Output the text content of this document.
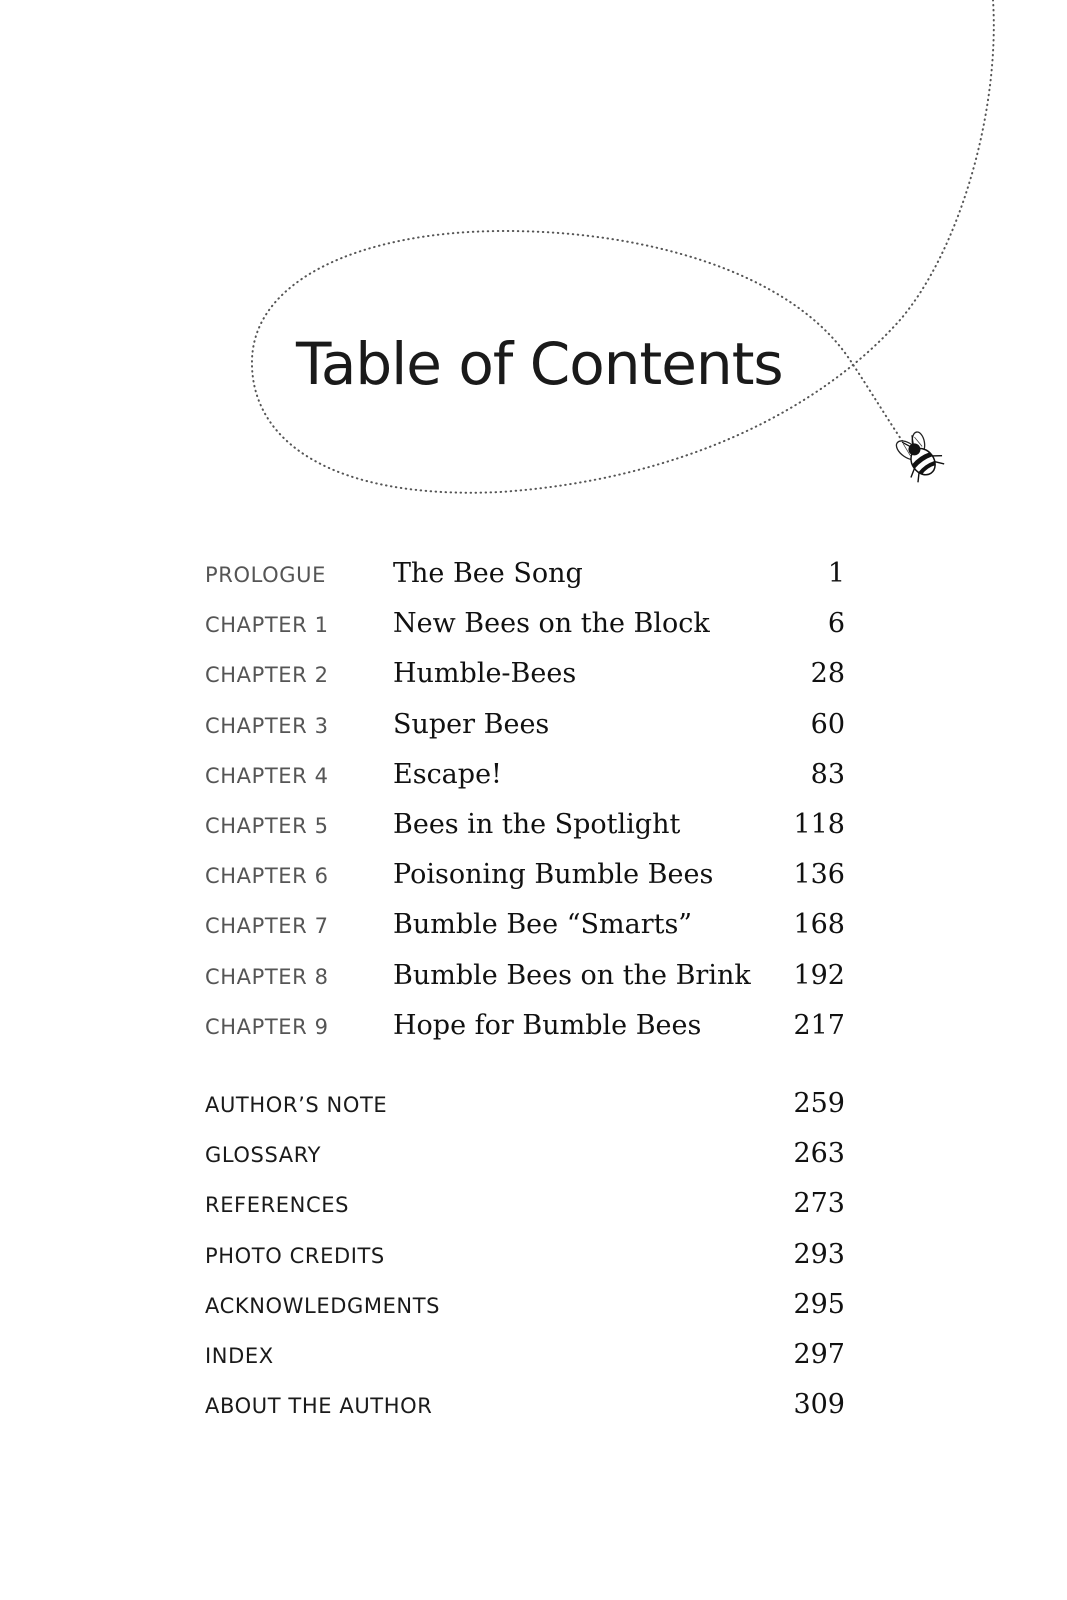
Table of Contents
PROLOGUE	The Bee Song	1
CHAPTER 1	New Bees on the Block	6
CHAPTER 2	Humble-Bees	28
CHAPTER 3	Super Bees	60
CHAPTER 4	Escape!	83
CHAPTER 5	Bees in the Spotlight	118
CHAPTER 6	Poisoning Bumble Bees	136
CHAPTER 7	Bumble Bee “Smarts”	168
CHAPTER 8	Bumble Bees on the Brink	192
CHAPTER 9	Hope for Bumble Bees	217
AUTHOR’S NOTE	259
GLOSSARY	263
REFERENCES	273
PHOTO CREDITS	293
ACKNOWLEDGMENTS	295
INDEX	297
ABOUT THE AUTHOR	309
